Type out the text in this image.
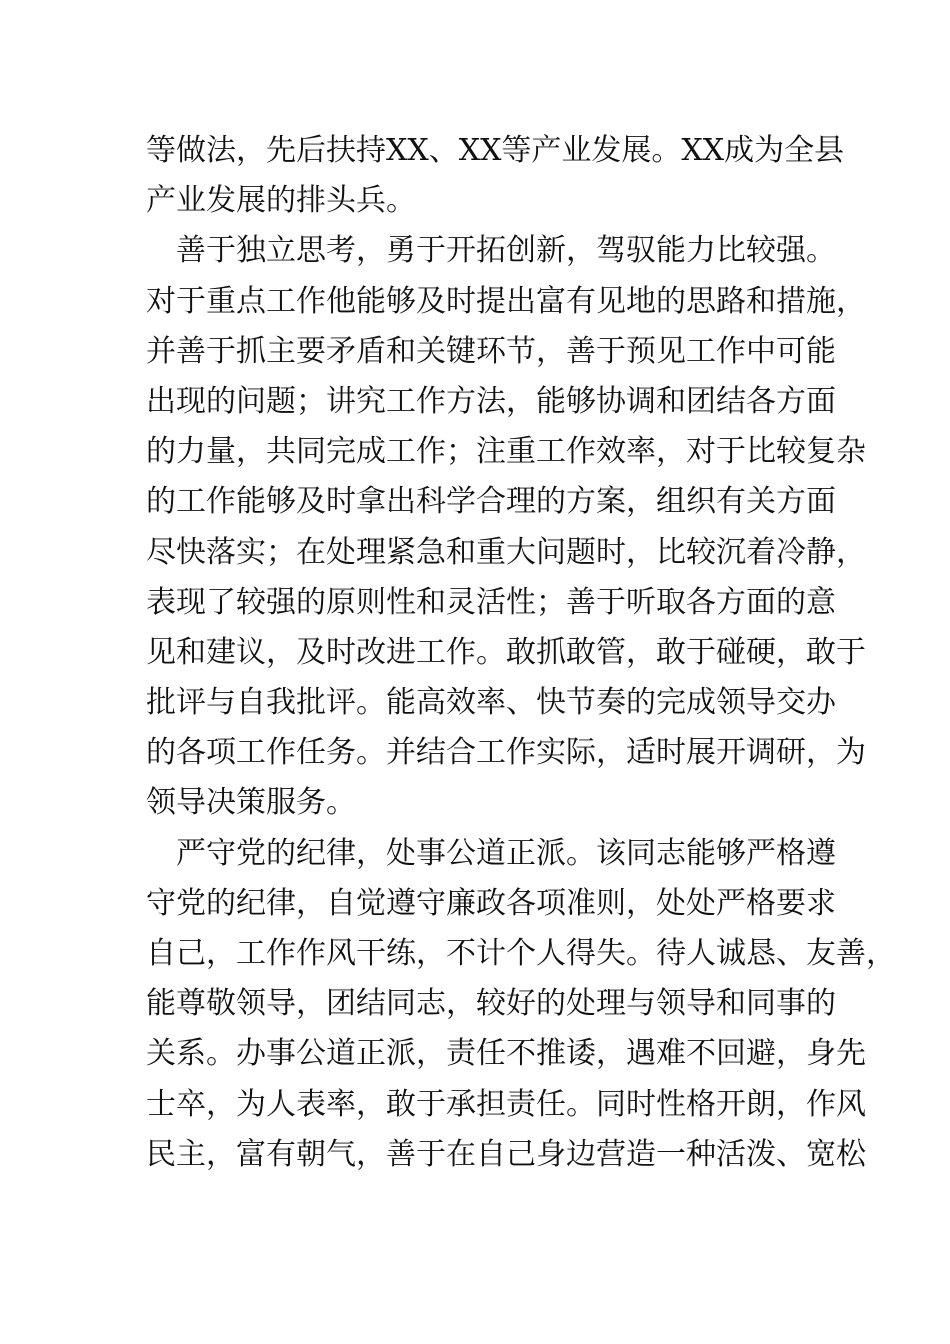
等做法，先后扶持XX、XX等产业发展。XX成为全县
产业发展的排头兵。
　善于独立思考，勇于开拓创新，驾驭能力比较强。
对于重点工作他能够及时提出富有见地的思路和措施，
并善于抓主要矛盾和关键环节，善于预见工作中可能
出现的问题；讲究工作方法，能够协调和团结各方面
的力量，共同完成工作；注重工作效率，对于比较复杂
的工作能够及时拿出科学合理的方案，组织有关方面
尽快落实；在处理紧急和重大问题时，比较沉着冷静，
表现了较强的原则性和灵活性；善于听取各方面的意
见和建议，及时改进工作。敢抓敢管，敢于碰硬，敢于
批评与自我批评。能高效率、快节奏的完成领导交办
的各项工作任务。并结合工作实际，适时展开调研，为
领导决策服务。
　严守党的纪律，处事公道正派。该同志能够严格遵
守党的纪律，自觉遵守廉政各项准则，处处严格要求
自己，工作作风干练，不计个人得失。待人诚恳、友善，
能尊敬领导，团结同志，较好的处理与领导和同事的
关系。办事公道正派，责任不推诿，遇难不回避，身先
士卒，为人表率，敢于承担责任。同时性格开朗，作风
民主，富有朝气，善于在自己身边营造一种活泼、宽松
